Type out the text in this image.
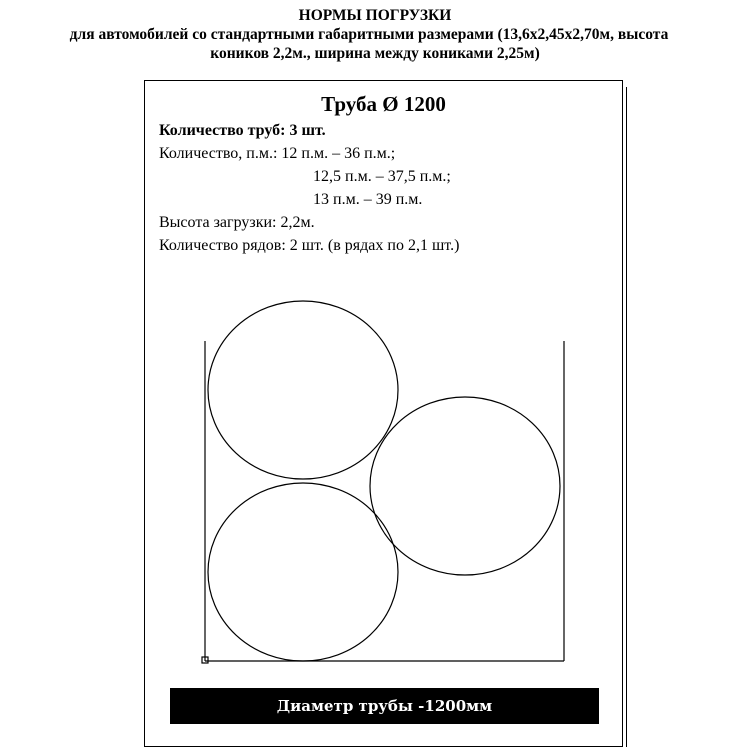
НОРМЫ ПОГРУЗКИ
для автомобилей со стандартными габаритными размерами (13,6х2,45х2,70м, высота
коников 2,2м., ширина между кониками 2,25м)
Труба Ø 1200
Количество труб: 3 шт.
Количество, п.м.: 12 п.м. – 36 п.м.;
12,5 п.м. – 37,5 п.м.;
13 п.м. – 39 п.м.
Высота загрузки: 2,2м.
Количество рядов: 2 шт. (в рядах по 2,1 шт.)
Диаметр трубы -1200мм
